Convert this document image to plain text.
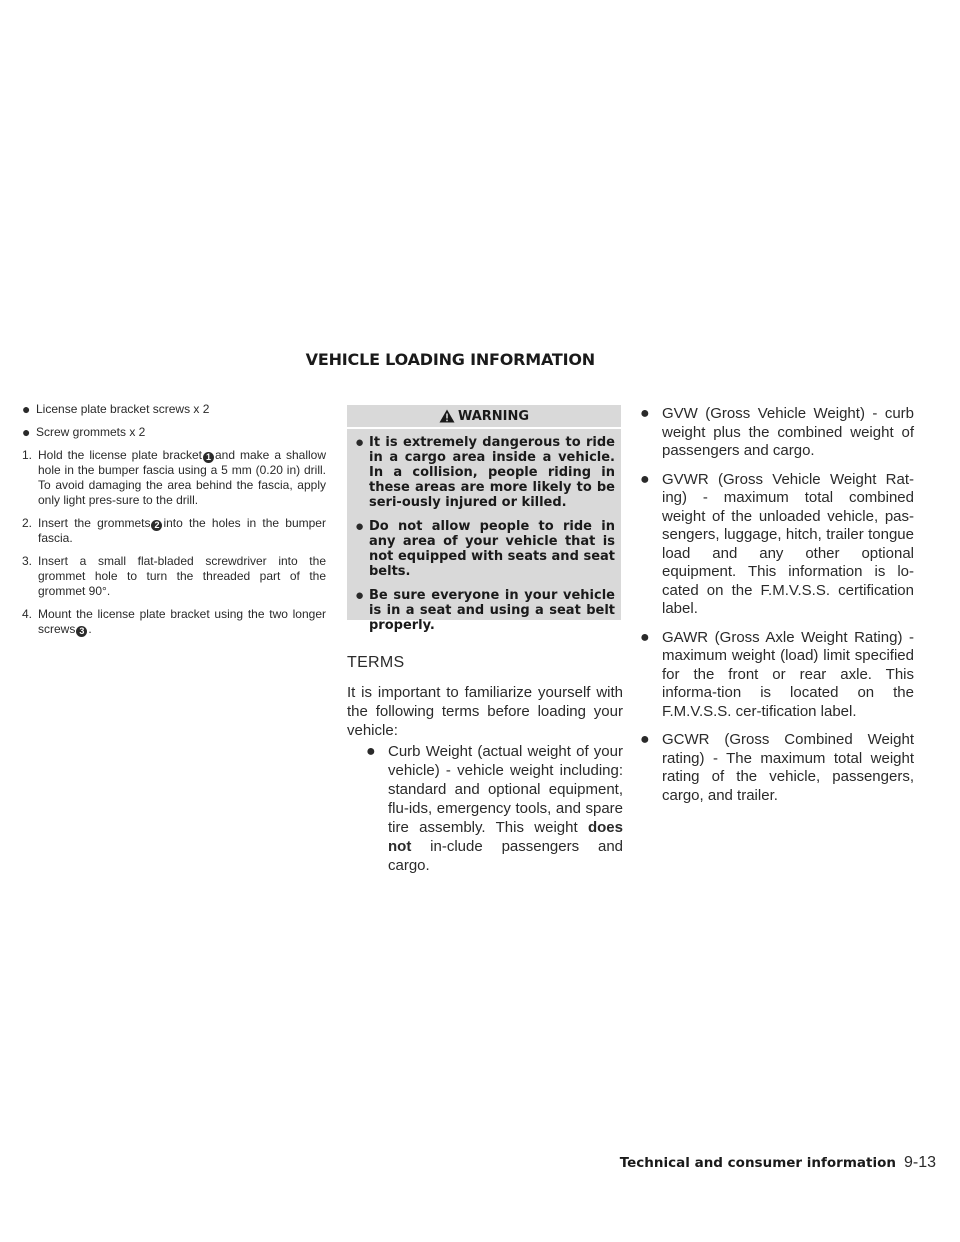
VEHICLE LOADING INFORMATION
● License plate bracket screws x 2
● Screw grommets x 2
1. Hold the license plate bracket 1 and make a shallow hole in the bumper fascia using a 5 mm (0.20 in) drill. To avoid damaging the area behind the fascia, apply only light pres-sure to the drill.
2. Insert the grommets 2 into the holes in the bumper fascia.
3. Insert a small flat-bladed screwdriver into the grommet hole to turn the threaded part of the grommet 90°.
4. Mount the license plate bracket using the two longer screws 3 .
WARNING
● It is extremely dangerous to ride in a cargo area inside a vehicle. In a collision, people riding in these areas are more likely to be seri-ously injured or killed.
● Do not allow people to ride in any area of your vehicle that is not equipped with seats and seat belts.
● Be sure everyone in your vehicle is in a seat and using a seat belt properly.
TERMS
It is important to familiarize yourself with the following terms before loading your vehicle:
● Curb Weight (actual weight of your vehicle) - vehicle weight including: standard and optional equipment, flu-ids, emergency tools, and spare tire assembly. This weight does not in-clude passengers and cargo.
● GVW (Gross Vehicle Weight) - curb weight plus the combined weight of passengers and cargo.
● GVWR (Gross Vehicle Weight Rat-ing) - maximum total combined weight of the unloaded vehicle, pas-sengers, luggage, hitch, trailer tongue load and any other optional equipment. This information is lo-cated on the F.M.V.S.S. certification label.
● GAWR (Gross Axle Weight Rating) - maximum weight (load) limit specified for the front or rear axle. This informa-tion is located on the F.M.V.S.S. cer-tification label.
● GCWR (Gross Combined Weight rating) - The maximum total weight rating of the vehicle, passengers, cargo, and trailer.
Technical and consumer information 9-13
